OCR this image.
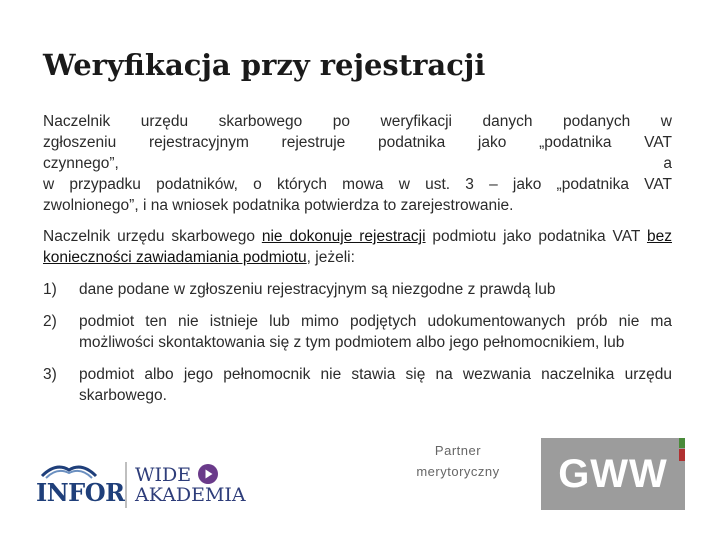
Weryfikacja przy rejestracji

Naczelnik urzędu skarbowego po weryfikacji danych podanych w
zgłoszeniu rejestracyjnym rejestruje podatnika jako „podatnika VAT
czynnego”,	a
w przypadku podatników, o których mowa w ust. 3 – jako „podatnika VAT
zwolnionego”, i na wniosek podatnika potwierdza to zarejestrowanie.

Naczelnik urzędu skarbowego nie dokonuje rejestracji podmiotu jako podatnika VAT bez konieczności zawiadamiania podmiotu, jeżeli:

1)	dane podane w zgłoszeniu rejestracyjnym są niezgodne z prawdą lub
2)	podmiot ten nie istnieje lub mimo podjętych udokumentowanych prób nie ma możliwości skontaktowania się z tym podmiotem albo jego pełnomocnikiem, lub
3)	podmiot albo jego pełnomocnik nie stawia się na wezwania naczelnika urzędu skarbowego.
INFOR
WIDE
AKADEMIA
Partner
merytoryczny	GWW
